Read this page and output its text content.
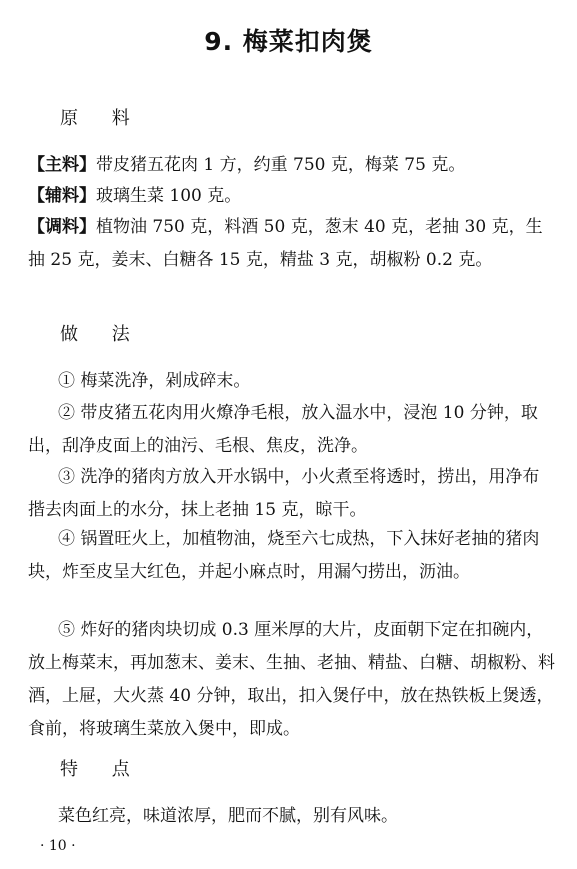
9. 梅菜扣肉煲
原 料

【主料】带皮猪五花肉 1 方，约重 750 克，梅菜 75 克。

【辅料】玻璃生菜 100 克。

【调料】植物油 750 克，料酒 50 克，葱末 40 克，老抽 30 克，生抽 25 克，姜末、白糖各 15 克，精盐 3 克，胡椒粉 0.2 克。

做 法

① 梅菜洗净，剁成碎末。

② 带皮猪五花肉用火燎净毛根，放入温水中，浸泡 10 分钟，取出，刮净皮面上的油污、毛根、焦皮，洗净。

③ 洗净的猪肉方放入开水锅中，小火煮至将透时，捞出，用净布揩去肉面上的水分，抹上老抽 15 克，晾干。

④ 锅置旺火上，加植物油，烧至六七成热，下入抹好老抽的猪肉块，炸至皮呈大红色，并起小麻点时，用漏勺捞出，沥油。

⑤ 炸好的猪肉块切成 0.3 厘米厚的大片，皮面朝下定在扣碗内，放上梅菜末，再加葱末、姜末、生抽、老抽、精盐、白糖、胡椒粉、料酒，上屉，大火蒸 40 分钟，取出，扣入煲仔中，放在热铁板上煲透，食前，将玻璃生菜放入煲中，即成。

特 点

菜色红亮，味道浓厚，肥而不腻，别有风味。

· 10 ·
